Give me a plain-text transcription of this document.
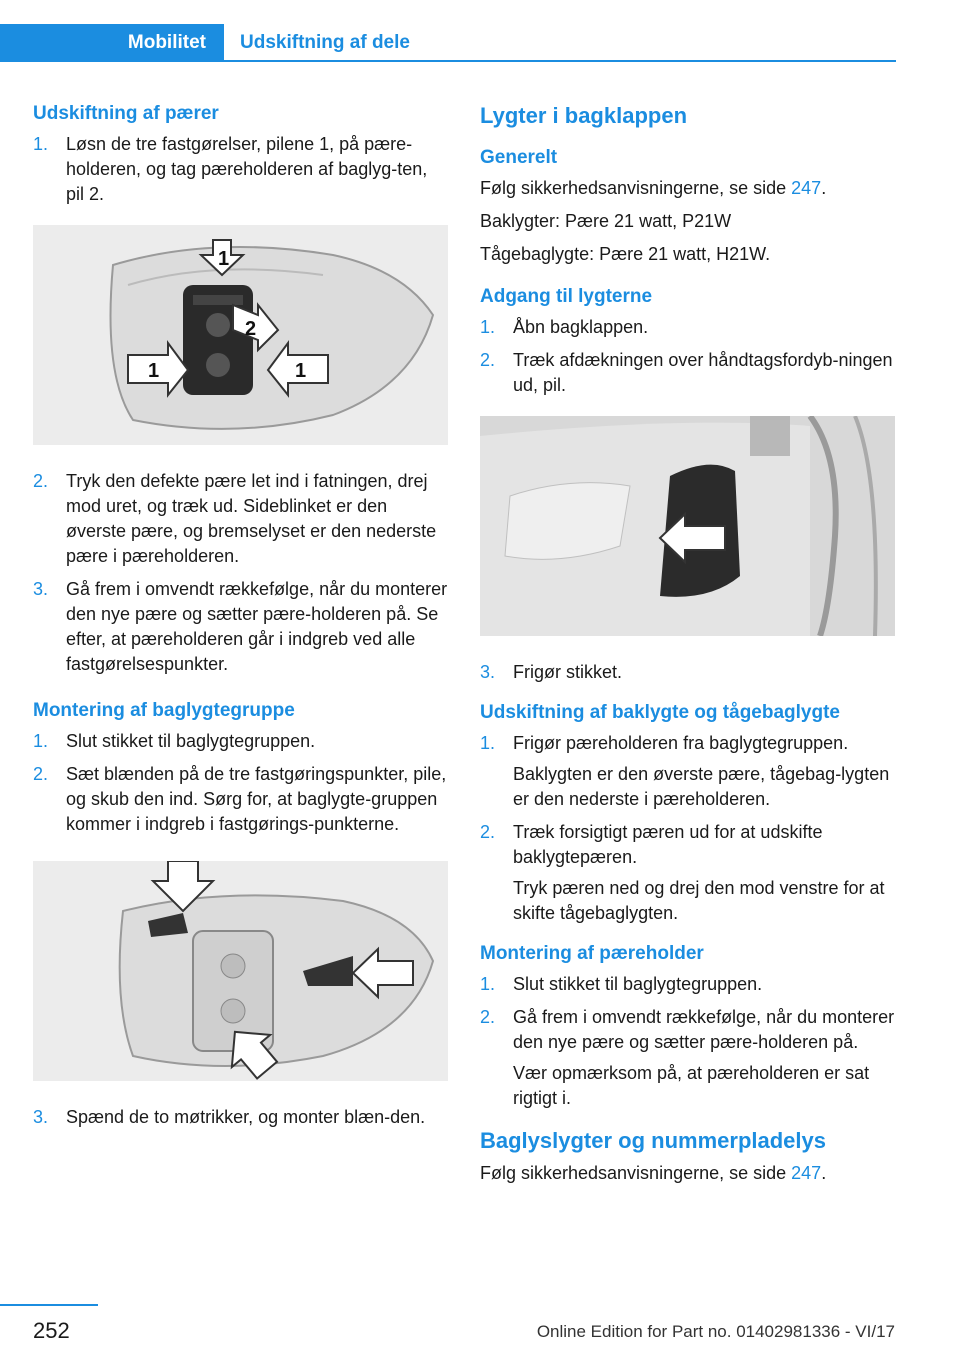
Mobilitet	Udskiftning af dele
Udskiftning af pærer
1. Løsn de tre fastgørelser, pilene 1, på pære-holderen, og tag pæreholderen af baglyg-ten, pil 2.
1
2
1	1
2. Tryk den defekte pære let ind i fatningen, drej mod uret, og træk ud. Sideblinket er den øverste pære, og bremselyset er den nederste pære i pæreholderen.
3. Gå frem i omvendt rækkefølge, når du monterer den nye pære og sætter pære-holderen på. Se efter, at pæreholderen går i indgreb ved alle fastgørelsespunkter.
Montering af baglygtegruppe
1. Slut stikket til baglygtegruppen.
2. Sæt blænden på de tre fastgøringspunkter, pile, og skub den ind. Sørg for, at baglygte-gruppen kommer i indgreb i fastgørings-punkterne.
3. Spænd de to møtrikker, og monter blæn-den.
Lygter i bagklappen
Generelt

Følg sikkerhedsanvisningerne, se side 247.

Baklygter: Pære 21 watt, P21W

Tågebaglygte: Pære 21 watt, H21W.

Adgang til lygterne
1. Åbn bagklappen.
2. Træk afdækningen over håndtagsfordyb-ningen ud, pil.
3. Frigør stikket.
Udskiftning af baklygte og tågebaglygte
1. Frigør pæreholderen fra baglygtegruppen.
Baklygten er den øverste pære, tågebag-lygten er den nederste i pæreholderen.
2. Træk forsigtigt pæren ud for at udskifte baklygtepæren.
Tryk pæren ned og drej den mod venstre for at skifte tågebaglygten.
Montering af pæreholder
1. Slut stikket til baglygtegruppen.
2. Gå frem i omvendt rækkefølge, når du monterer den nye pære og sætter pære-holderen på.
Vær opmærksom på, at pæreholderen er sat rigtigt i.
Baglyslygter og nummerpladelys

Følg sikkerhedsanvisningerne, se side 247.

252	Online Edition for Part no. 01402981336 - VI/17
